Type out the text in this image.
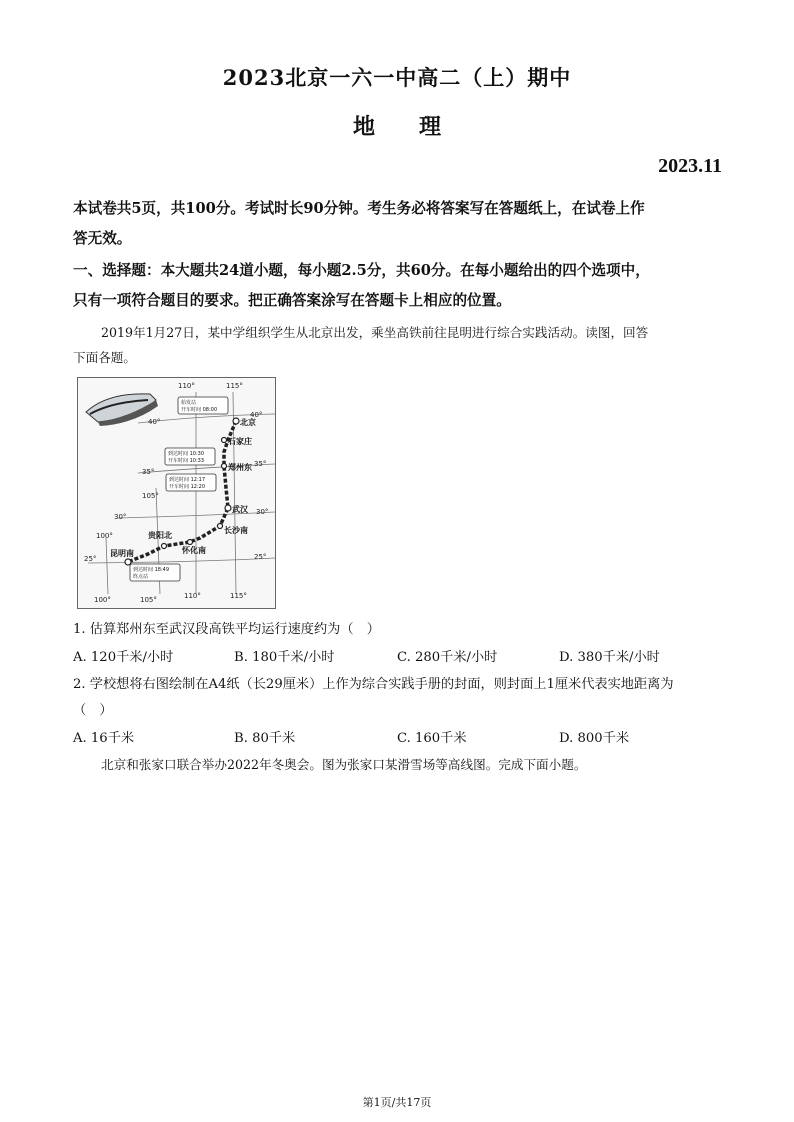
2023北京一六一中高二（上）期中
地　　理
2023.11
本试卷共5页，共100分。考试时长90分钟。考生务必将答案写在答题纸上，在试卷上作
答无效。
一、选择题：本大题共24道小题，每小题2.5分，共60分。在每小题给出的四个选项中，
只有一项符合题目的要求。把正确答案涂写在答题卡上相应的位置。
2019年1月27日，某中学组织学生从北京出发，乘坐高铁前往昆明进行综合实践活动。读图，回答
下面各题。
始发站
开车时间 08:00
到达时间 10:30
开车时间 10:33
到达时间 12:17
开车时间 12:20
到达时间 18:49
终点站
北京
石家庄
郑州东
武汉
长沙南
怀化南
贵阳北
昆明南
110°	115°
105°
100°
100°	105°	110°	115°
40°
40°
35°
35°
30°
30°
25°	25°
1. 估算郑州东至武汉段高铁平均运行速度约为（　）
A. 120千米/小时	B. 180千米/小时	C. 280千米/小时	D. 380千米/小时
2. 学校想将右图绘制在A4纸（长29厘米）上作为综合实践手册的封面，则封面上1厘米代表实地距离为
（　）
A. 16千米	B. 80千米	C. 160千米	D. 800千米
北京和张家口联合举办2022年冬奥会。图为张家口某滑雪场等高线图。完成下面小题。
第1页/共17页
